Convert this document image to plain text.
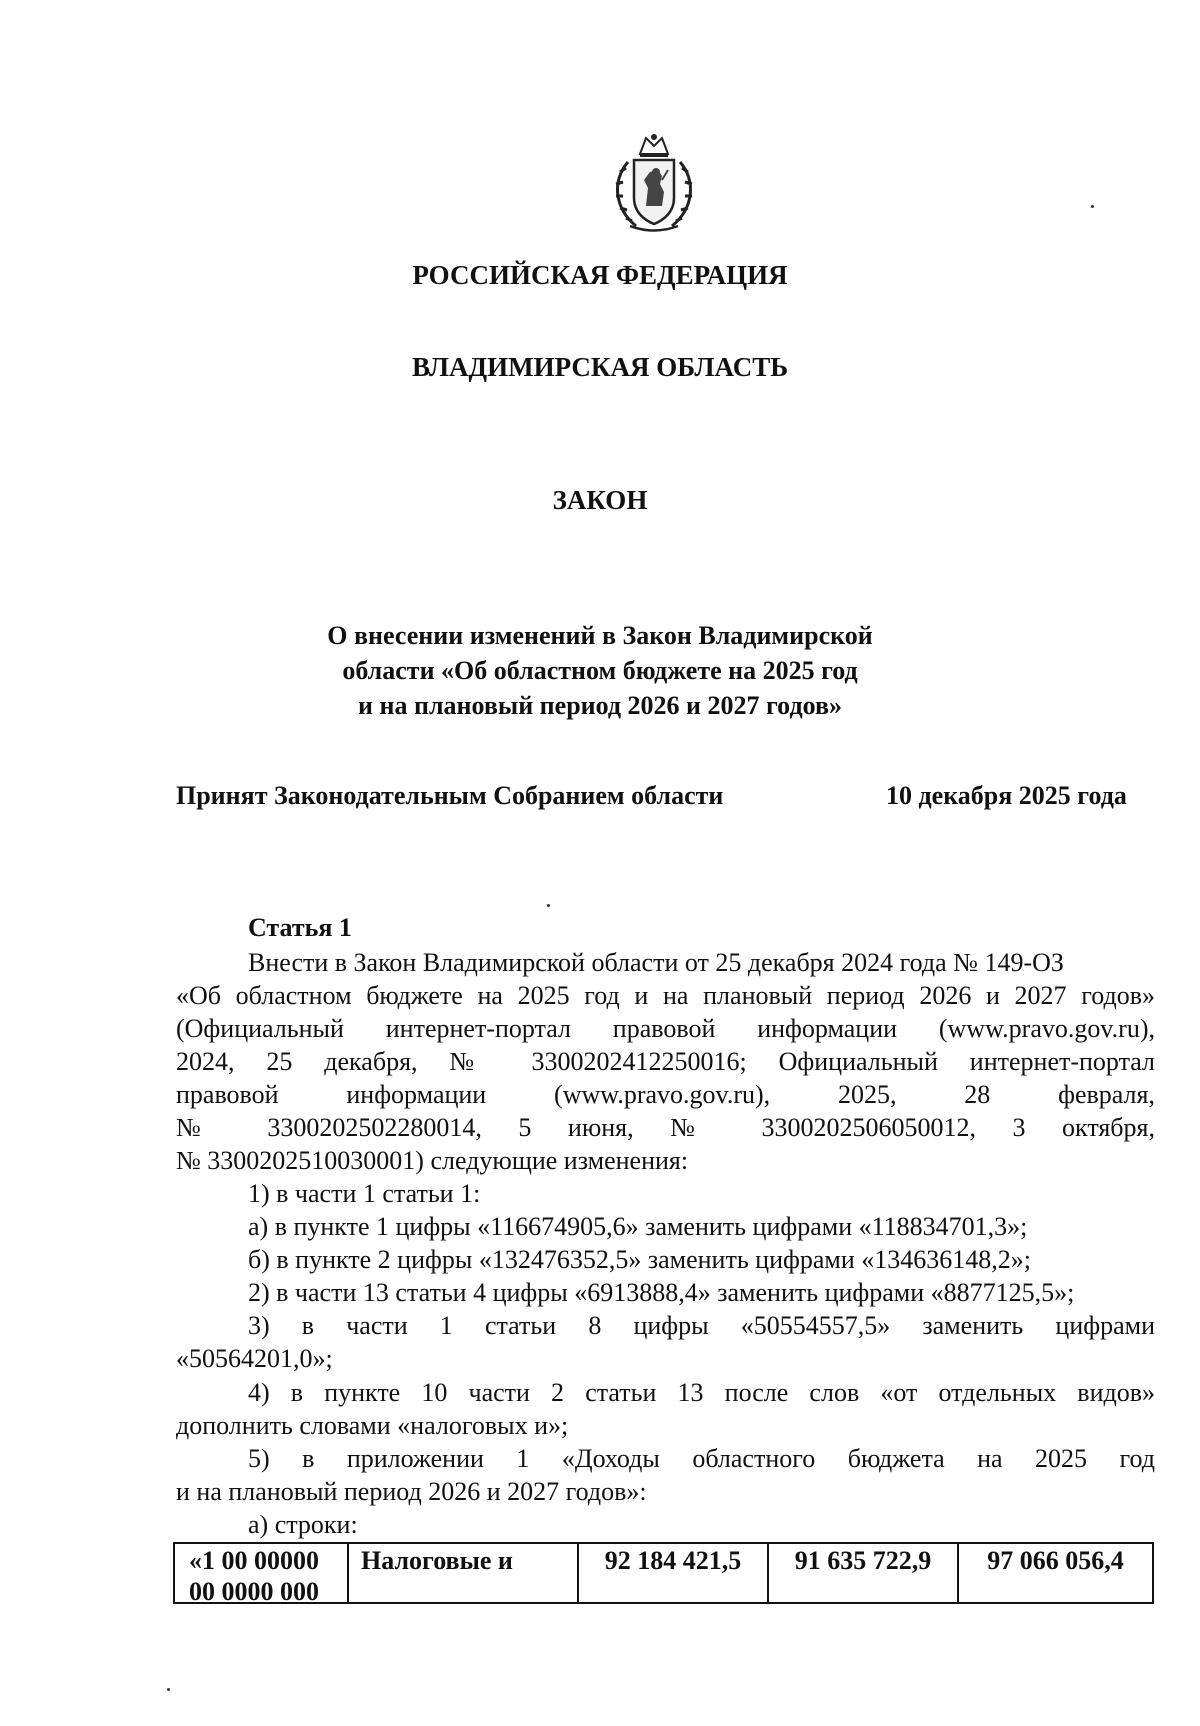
РОССИЙСКАЯ ФЕДЕРАЦИЯ
ВЛАДИМИРСКАЯ ОБЛАСТЬ
ЗАКОН
О внесении изменений в Закон Владимирской
области «Об областном бюджете на 2025 год
и на плановый период 2026 и 2027 годов»
Принят Законодательным Собранием области	10 декабря 2025 года
Статья 1
Внести в Закон Владимирской области от 25 декабря 2024 года № 149-ОЗ
«Об областном бюджете на 2025 год и на плановый период 2026 и 2027 годов»
(Официальный интернет-портал правовой информации (www.pravo.gov.ru),
2024, 25 декабря, № 3300202412250016; Официальный интернет-портал
правовой информации (www.pravo.gov.ru), 2025, 28 февраля,
№ 3300202502280014, 5 июня, № 3300202506050012, 3 октября,
№ 3300202510030001) следующие изменения:
1) в части 1 статьи 1:
а) в пункте 1 цифры «116674905,6» заменить цифрами «118834701,3»;
б) в пункте 2 цифры «132476352,5» заменить цифрами «134636148,2»;
2) в части 13 статьи 4 цифры «6913888,4» заменить цифрами «8877125,5»;
3) в части 1 статьи 8 цифры «50554557,5» заменить цифрами
«50564201,0»;
4) в пункте 10 части 2 статьи 13 после слов «от отдельных видов»
дополнить словами «налоговых и»;
5) в приложении 1 «Доходы областного бюджета на 2025 год
и на плановый период 2026 и 2027 годов»:
а) строки:
«1 00 00000
00 0000 000
Налоговые и	92 184 421,5	91 635 722,9	97 066 056,4
